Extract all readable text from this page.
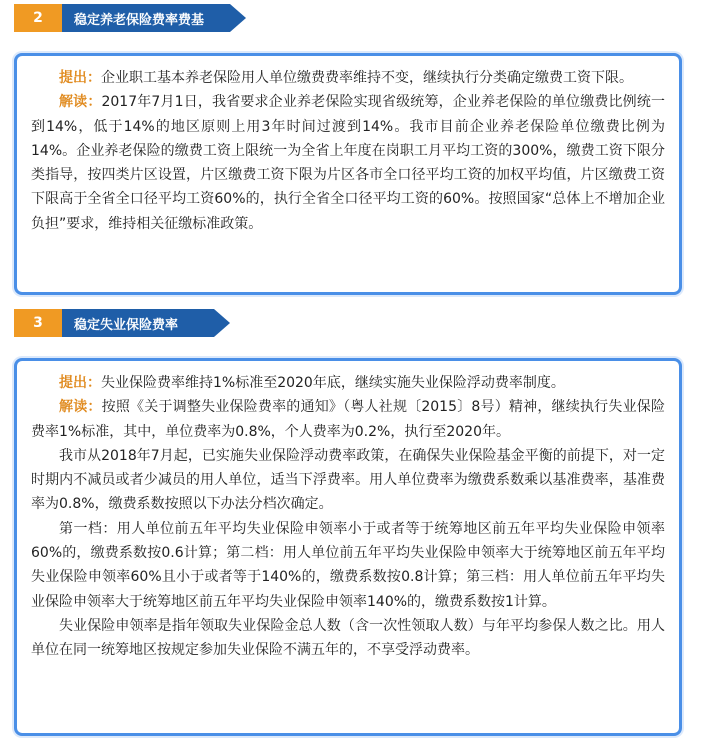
2	稳定养老保险费率费基

提出：企业职工基本养老保险用人单位缴费费率维持不变，继续执行分类确定缴费工资下限。

解读：2017年7月1日，我省要求企业养老保险实现省级统筹，企业养老保险的单位缴费比例统一到14%，低于14%的地区原则上用3年时间过渡到14%。我市目前企业养老保险单位缴费比例为14%。企业养老保险的缴费工资上限统一为全省上年度在岗职工月平均工资的300%，缴费工资下限分类指导，按四类片区设置，片区缴费工资下限为片区各市全口径平均工资的加权平均值，片区缴费工资下限高于全省全口径平均工资60%的，执行全省全口径平均工资的60%。按照国家“总体上不增加企业负担”要求，维持相关征缴标准政策。

3	稳定失业保险费率

提出：失业保险费率维持1%标准至2020年底，继续实施失业保险浮动费率制度。

解读：按照《关于调整失业保险费率的通知》（粤人社规〔2015〕8号）精神，继续执行失业保险费率1%标准，其中，单位费率为0.8%，个人费率为0.2%，执行至2020年。

我市从2018年7月起，已实施失业保险浮动费率政策，在确保失业保险基金平衡的前提下，对一定时期内不减员或者少减员的用人单位，适当下浮费率。用人单位费率为缴费系数乘以基准费率，基准费率为0.8%，缴费系数按照以下办法分档次确定。

第一档：用人单位前五年平均失业保险申领率小于或者等于统筹地区前五年平均失业保险申领率60%的，缴费系数按0.6计算；第二档：用人单位前五年平均失业保险申领率大于统筹地区前五年平均失业保险申领率60%且小于或者等于140%的，缴费系数按0.8计算；第三档：用人单位前五年平均失业保险申领率大于统筹地区前五年平均失业保险申领率140%的，缴费系数按1计算。

失业保险申领率是指年领取失业保险金总人数（含一次性领取人数）与年平均参保人数之比。用人单位在同一统筹地区按规定参加失业保险不满五年的，不享受浮动费率。
